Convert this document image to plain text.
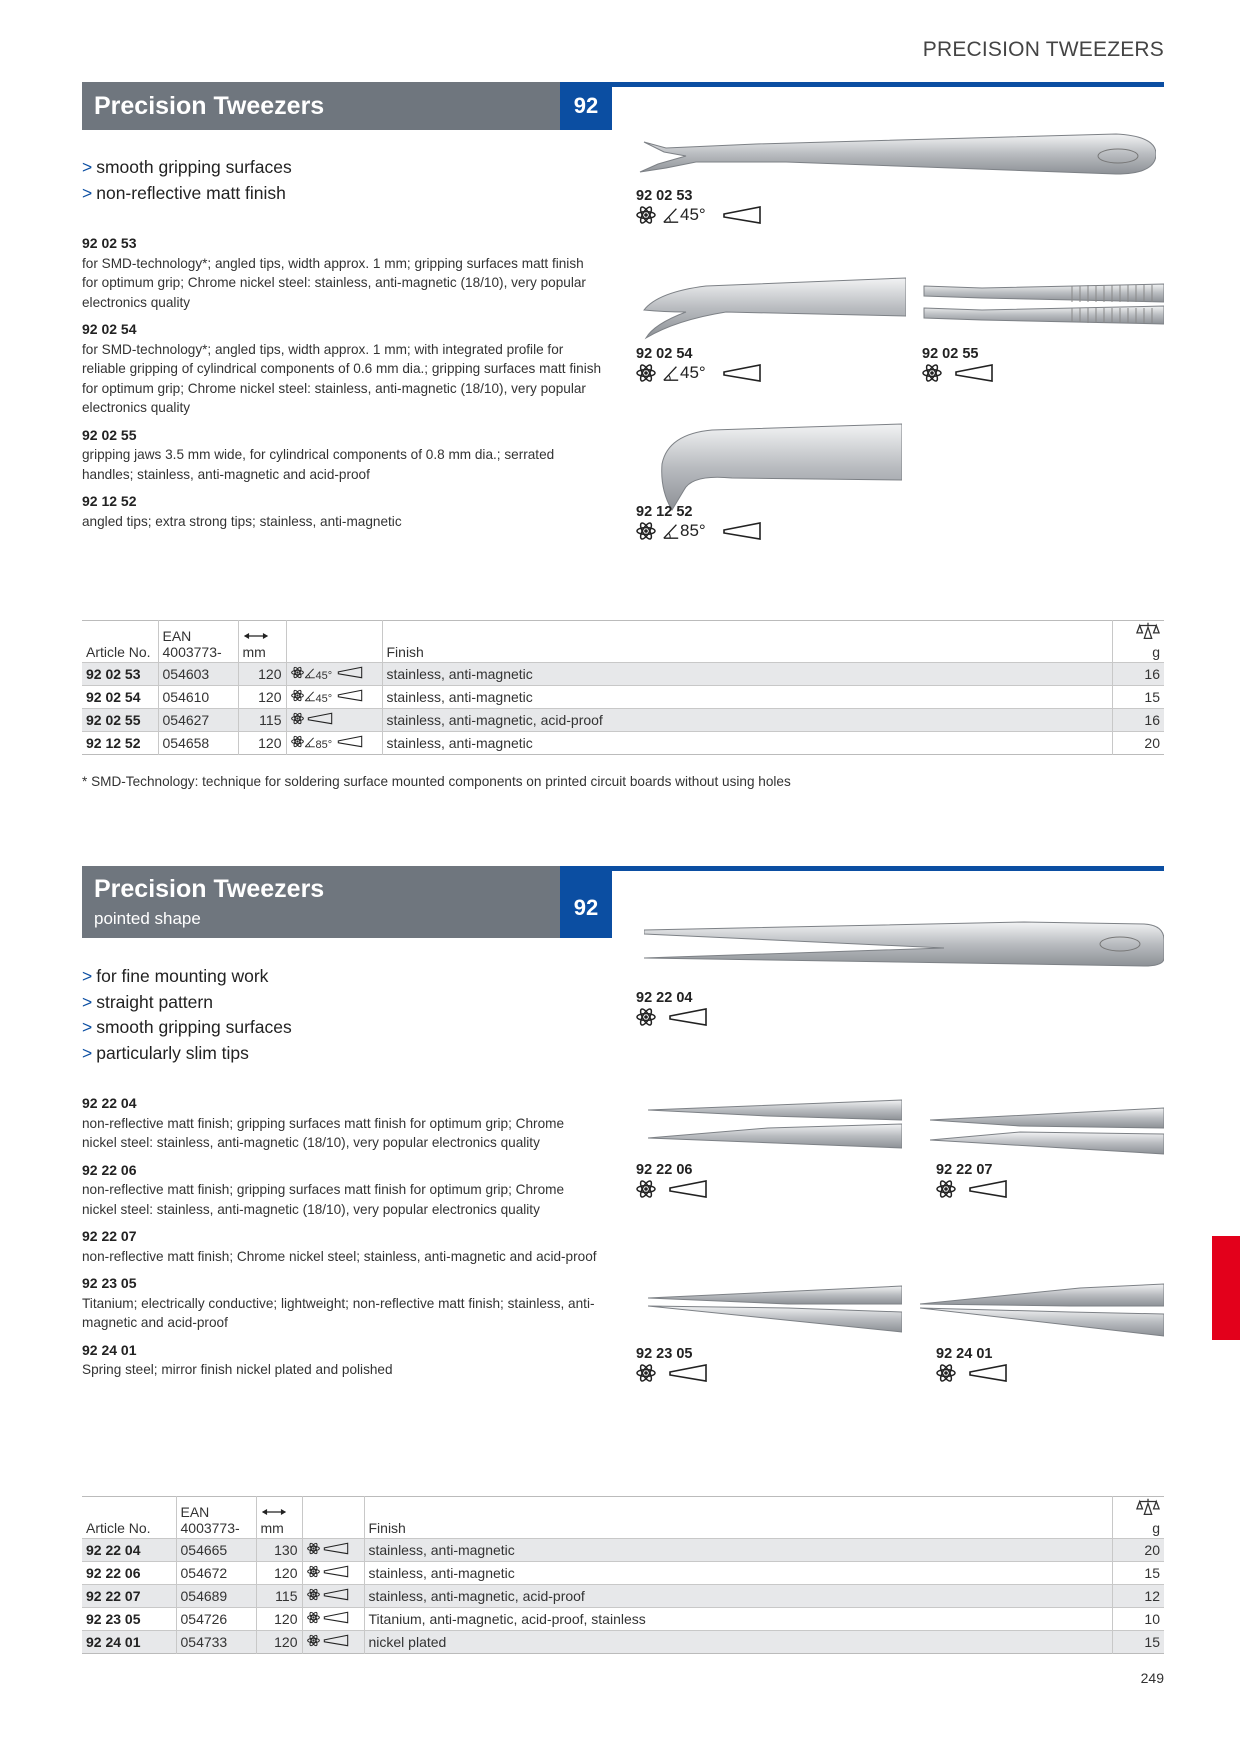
PRECISION TWEEZERS
Precision Tweezers	92
> smooth gripping surfaces
> non-reflective matt finish
92 02 53
for SMD-technology*; angled tips, width approx. 1 mm; gripping surfaces matt finish for optimum grip; Chrome nickel steel: stainless, anti-magnetic (18/10), very popular electronics quality
92 02 54
for SMD-technology*; angled tips, width approx. 1 mm; with integrated profile for reliable gripping of cylindrical components of 0.6 mm dia.; gripping surfaces matt finish for optimum grip; Chrome nickel steel: stainless, anti-magnetic (18/10), very popular electronics quality
92 02 55
gripping jaws 3.5 mm wide, for cylindrical components of 0.8 mm dia.; serrated handles; stainless, anti-magnetic and acid-proof
92 12 52
angled tips; extra strong tips; stainless, anti-magnetic
92 02 53
45°
92 02 54
45°
92 02 55
92 12 52
85°
Article No.	EAN
4003773-	mm		Finish	g
92 02 53	054603	120	45°	stainless, anti-magnetic	16
92 02 54	054610	120	45°	stainless, anti-magnetic	15
92 02 55	054627	115		stainless, anti-magnetic, acid-proof	16
92 12 52	054658	120	85°	stainless, anti-magnetic	20
* SMD-Technology: technique for soldering surface mounted components on printed circuit boards without using holes
Precision Tweezers
pointed shape	92
> for fine mounting work
> straight pattern
> smooth gripping surfaces
> particularly slim tips
92 22 04
non-reflective matt finish; gripping surfaces matt finish for optimum grip; Chrome nickel steel: stainless, anti-magnetic (18/10), very popular electronics quality
92 22 06
non-reflective matt finish; gripping surfaces matt finish for optimum grip; Chrome nickel steel: stainless, anti-magnetic (18/10), very popular electronics quality
92 22 07
non-reflective matt finish; Chrome nickel steel; stainless, anti-magnetic and acid-proof
92 23 05
Titanium; electrically conductive; lightweight; non-reflective matt finish; stainless, anti-magnetic and acid-proof
92 24 01
Spring steel; mirror finish nickel plated and polished
92 22 04
92 22 06	92 22 07
92 23 05	92 24 01
Article No.	EAN
4003773-	mm		Finish	g
92 22 04	054665	130		stainless, anti-magnetic	20
92 22 06	054672	120		stainless, anti-magnetic	15
92 22 07	054689	115		stainless, anti-magnetic, acid-proof	12
92 23 05	054726	120		Titanium, anti-magnetic, acid-proof, stainless	10
92 24 01	054733	120		nickel plated	15
249
